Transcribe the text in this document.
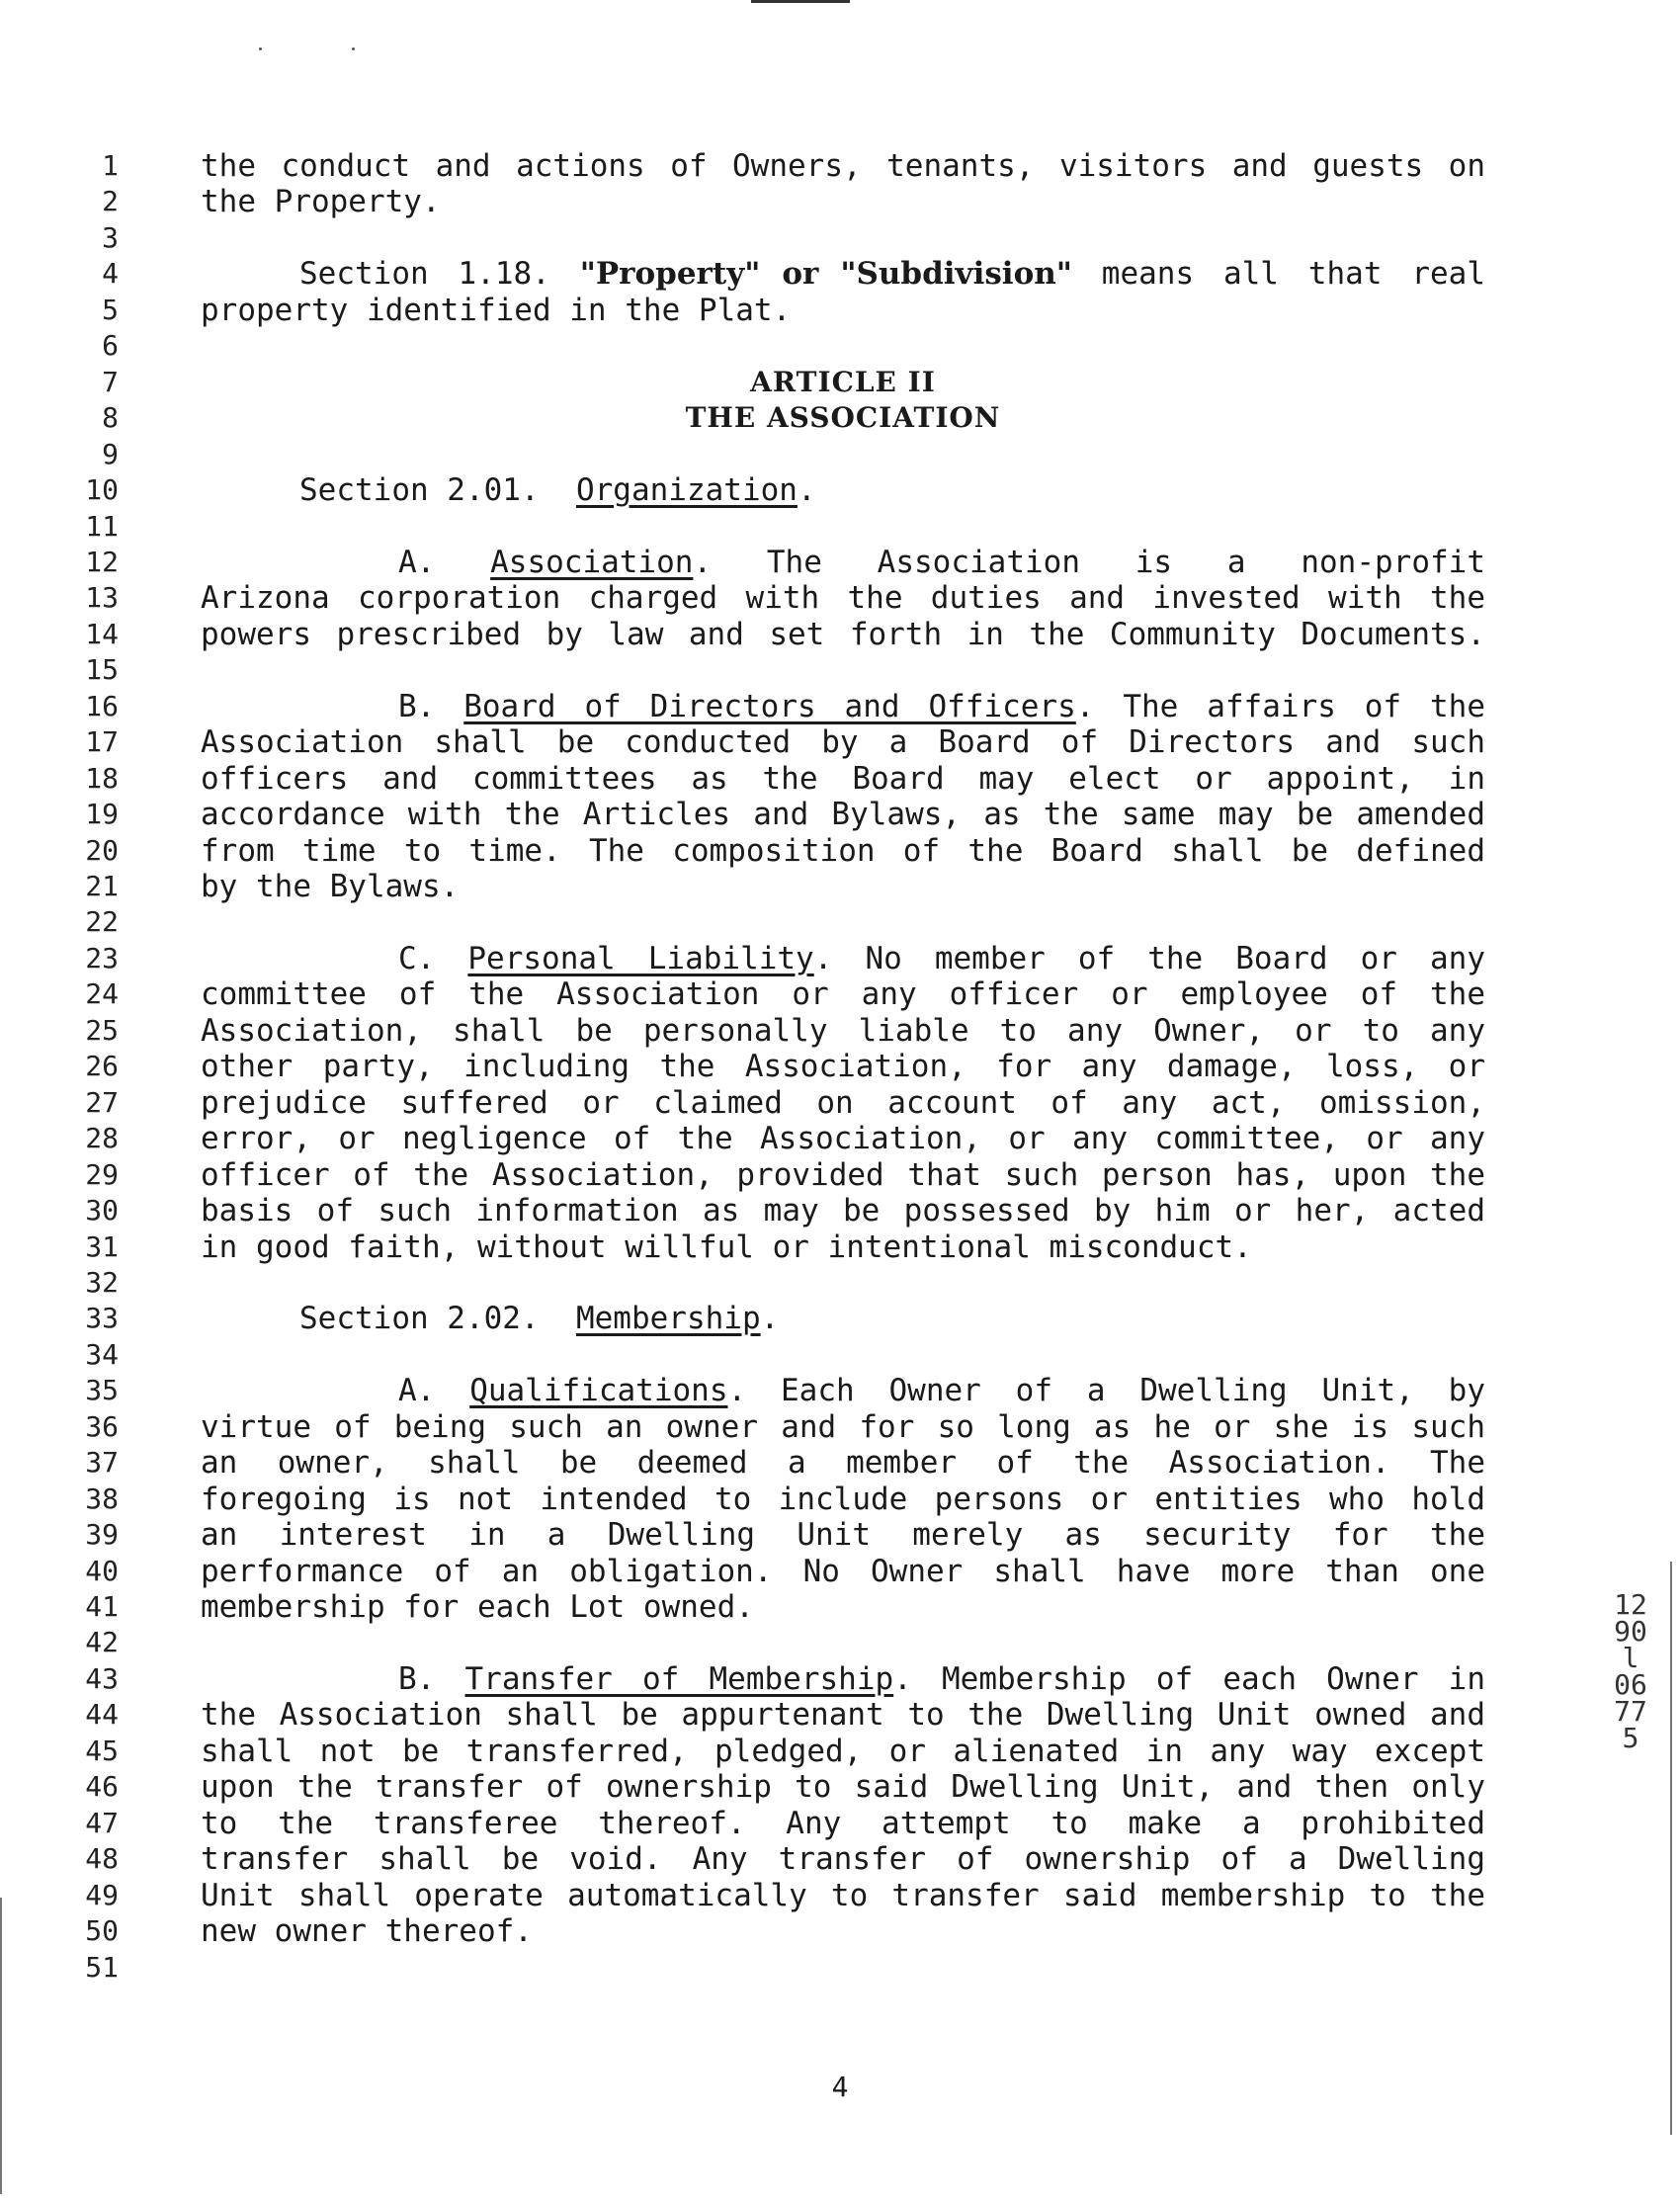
1	the conduct and actions of Owners, tenants, visitors and guests on
2	the Property.
3
4	Section 1.18. "Property" or "Subdivision" means all that real
5	property identified in the Plat.
6
7	ARTICLE II
8	THE ASSOCIATION
9
10	Section 2.01.  Organization.
11
12	A. Association. The Association is a non-profit
13	Arizona corporation charged with the duties and invested with the
14	powers prescribed by law and set forth in the Community Documents.
15
16	B. Board of Directors and Officers. The affairs of the
17	Association shall be conducted by a Board of Directors and such
18	officers and committees as the Board may elect or appoint, in
19	accordance with the Articles and Bylaws, as the same may be amended
20	from time to time. The composition of the Board shall be defined
21	by the Bylaws.
22
23	C. Personal Liability. No member of the Board or any
24	committee of the Association or any officer or employee of the
25	Association, shall be personally liable to any Owner, or to any
26	other party, including the Association, for any damage, loss, or
27	prejudice suffered or claimed on account of any act, omission,
28	error, or negligence of the Association, or any committee, or any
29	officer of the Association, provided that such person has, upon the
30	basis of such information as may be possessed by him or her, acted
31	in good faith, without willful or intentional misconduct.
32
33	Section 2.02.  Membership.
34
35	A. Qualifications. Each Owner of a Dwelling Unit, by
36	virtue of being such an owner and for so long as he or she is such
37	an owner, shall be deemed a member of the Association. The
38	foregoing is not intended to include persons or entities who hold
39	an interest in a Dwelling Unit merely as security for the
40	performance of an obligation. No Owner shall have more than one
41	membership for each Lot owned.
42
43	B. Transfer of Membership. Membership of each Owner in
44	the Association shall be appurtenant to the Dwelling Unit owned and
45	shall not be transferred, pledged, or alienated in any way except
46	upon the transfer of ownership to said Dwelling Unit, and then only
47	to the transferee thereof. Any attempt to make a prohibited
48	transfer shall be void. Any transfer of ownership of a Dwelling
49	Unit shall operate automatically to transfer said membership to the
50	new owner thereof.
51
1290l 06775
4
